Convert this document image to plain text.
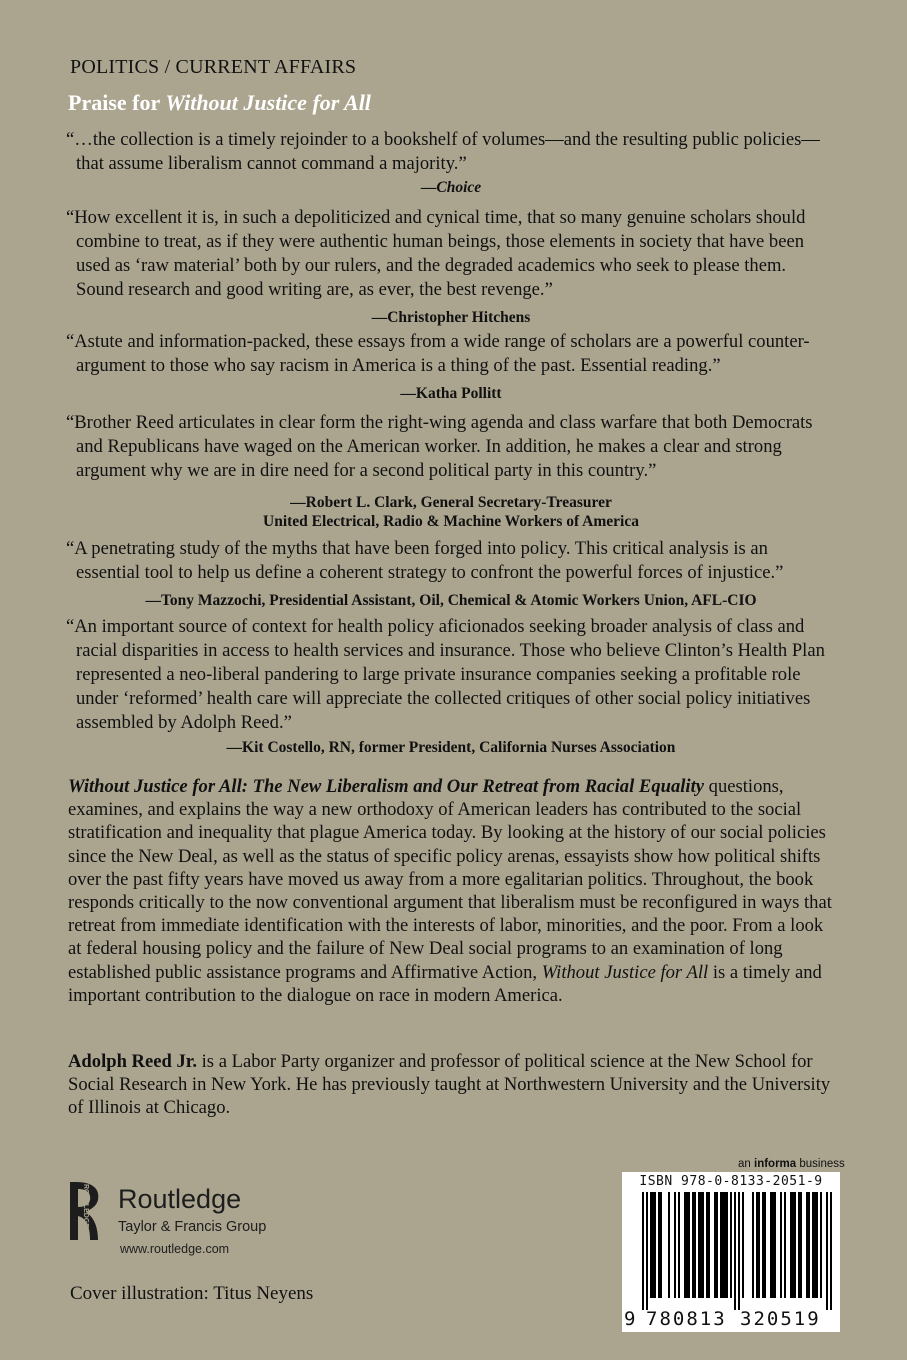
POLITICS / CURRENT AFFAIRS
Praise for Without Justice for All

“…the collection is a timely rejoinder to a bookshelf of volumes—and the resulting public policies—that assume liberalism cannot command a majority.”

—Choice

“How excellent it is, in such a depoliticized and cynical time, that so many genuine scholars should combine to treat, as if they were authentic human beings, those elements in society that have been used as ‘raw material’ both by our rulers, and the degraded academics who seek to please them. Sound research and good writing are, as ever, the best revenge.”

—Christopher Hitchens

“Astute and information-packed, these essays from a wide range of scholars are a powerful counter-argument to those who say racism in America is a thing of the past. Essential reading.”

—Katha Pollitt

“Brother Reed articulates in clear form the right-wing agenda and class warfare that both Democrats and Republicans have waged on the American worker. In addition, he makes a clear and strong argument why we are in dire need for a second political party in this country.”

—Robert L. Clark, General Secretary-Treasurer
United Electrical, Radio & Machine Workers of America

“A penetrating study of the myths that have been forged into policy. This critical analysis is an essential tool to help us define a coherent strategy to confront the powerful forces of injustice.”

—Tony Mazzochi, Presidential Assistant, Oil, Chemical & Atomic Workers Union, AFL-CIO

“An important source of context for health policy aficionados seeking broader analysis of class and racial disparities in access to health services and insurance. Those who believe Clinton’s Health Plan represented a neo-liberal pandering to large private insurance companies seeking a profitable role under ‘reformed’ health care will appreciate the collected critiques of other social policy initiatives assembled by Adolph Reed.”

—Kit Costello, RN, former President, California Nurses Association
Without Justice for All: The New Liberalism and Our Retreat from Racial Equality questions, examines, and explains the way a new orthodoxy of American leaders has contributed to the social stratification and inequality that plague America today. By looking at the history of our social policies since the New Deal, as well as the status of specific policy arenas, essayists show how political shifts over the past fifty years have moved us away from a more egalitarian politics. Throughout, the book responds critically to the now conventional argument that liberalism must be reconfigured in ways that retreat from immediate identification with the interests of labor, minorities, and the poor. From a look at federal housing policy and the failure of New Deal social programs to an examination of long established public assistance programs and Affirmative Action, Without Justice for All is a timely and important contribution to the dialogue on race in modern America.
Adolph Reed Jr. is a Labor Party organizer and professor of political science at the New School for Social Research in New York. He has previously taught at Northwestern University and the University of Illinois at Chicago.
ROUTLEDGE Routledge
Taylor & Francis Group
www.routledge.com
Cover illustration: Titus Neyens
an informa business
ISBN 978-0-8133-2051-9
9 780813 320519
